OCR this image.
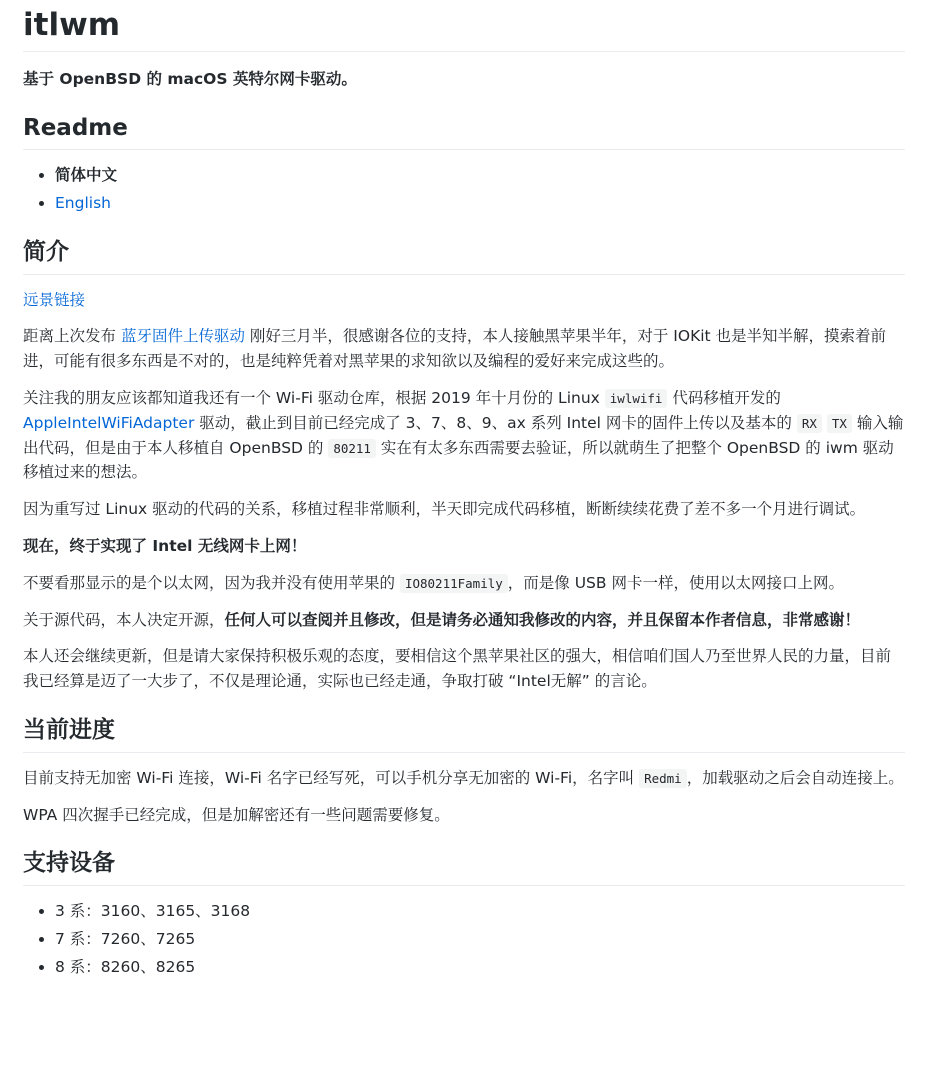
itlwm

基于 OpenBSD 的 macOS 英特尔网卡驱动。

Readme
• 简体中文
• English
简介

远景链接

距离上次发布 蓝牙固件上传驱动 刚好三月半，很感谢各位的支持，本人接触黑苹果半年，对于 IOKit 也是半知半解，摸索着前进，可能有很多东西是不对的，也是纯粹凭着对黑苹果的求知欲以及编程的爱好来完成这些的。

关注我的朋友应该都知道我还有一个 Wi-Fi 驱动仓库，根据 2019 年十月份的 Linux iwlwifi 代码移植开发的 AppleIntelWiFiAdapter 驱动，截止到目前已经完成了 3、7、8、9、ax 系列 Intel 网卡的固件上传以及基本的 RX TX 输入输出代码，但是由于本人移植自 OpenBSD 的 80211 实在有太多东西需要去验证，所以就萌生了把整个 OpenBSD 的 iwm 驱动移植过来的想法。

因为重写过 Linux 驱动的代码的关系，移植过程非常顺利，半天即完成代码移植，断断续续花费了差不多一个月进行调试。

现在，终于实现了 Intel 无线网卡上网！

不要看那显示的是个以太网，因为我并没有使用苹果的 IO80211Family ，而是像 USB 网卡一样，使用以太网接口上网。

关于源代码，本人决定开源，任何人可以查阅并且修改，但是请务必通知我修改的内容，并且保留本作者信息，非常感谢！

本人还会继续更新，但是请大家保持积极乐观的态度，要相信这个黑苹果社区的强大，相信咱们国人乃至世界人民的力量，目前我已经算是迈了一大步了，不仅是理论通，实际也已经走通，争取打破 “Intel无解” 的言论。

当前进度

目前支持无加密 Wi-Fi 连接，Wi-Fi 名字已经写死，可以手机分享无加密的 Wi-Fi，名字叫 Redmi ，加载驱动之后会自动连接上。

WPA 四次握手已经完成，但是加解密还有一些问题需要修复。

支持设备
• 3 系：3160、3165、3168
• 7 系：7260、7265
• 8 系：8260、8265
